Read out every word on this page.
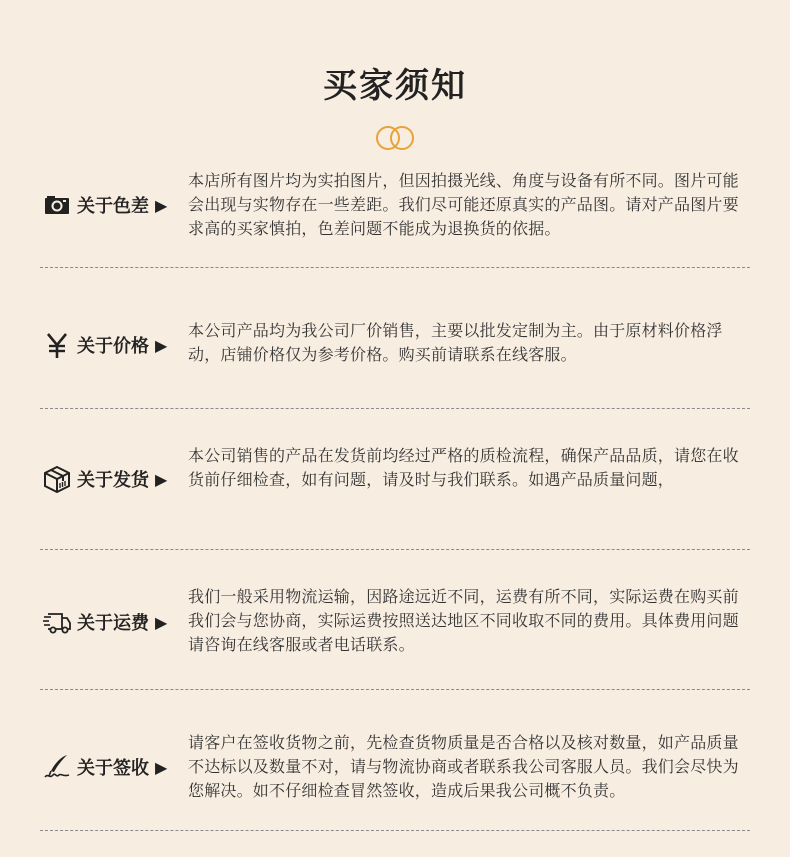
买家须知
关于色差 ▶
本店所有图片均为实拍图片，但因拍摄光线、角度与设备有所不同。图片可能会出现与实物存在一些差距。我们尽可能还原真实的产品图。请对产品图片要求高的买家慎拍，色差问题不能成为退换货的依据。
关于价格 ▶
本公司产品均为我公司厂价销售，主要以批发定制为主。由于原材料价格浮动，店铺价格仅为参考价格。购买前请联系在线客服。
关于发货 ▶
本公司销售的产品在发货前均经过严格的质检流程，确保产品品质，请您在收货前仔细检查，如有问题，请及时与我们联系。如遇产品质量问题，
关于运费 ▶
我们一般采用物流运输，因路途远近不同，运费有所不同，实际运费在购买前我们会与您协商，实际运费按照送达地区不同收取不同的费用。具体费用问题请咨询在线客服或者电话联系。
关于签收 ▶
请客户在签收货物之前，先检查货物质量是否合格以及核对数量，如产品质量不达标以及数量不对，请与物流协商或者联系我公司客服人员。我们会尽快为您解决。如不仔细检查冒然签收，造成后果我公司概不负责。
